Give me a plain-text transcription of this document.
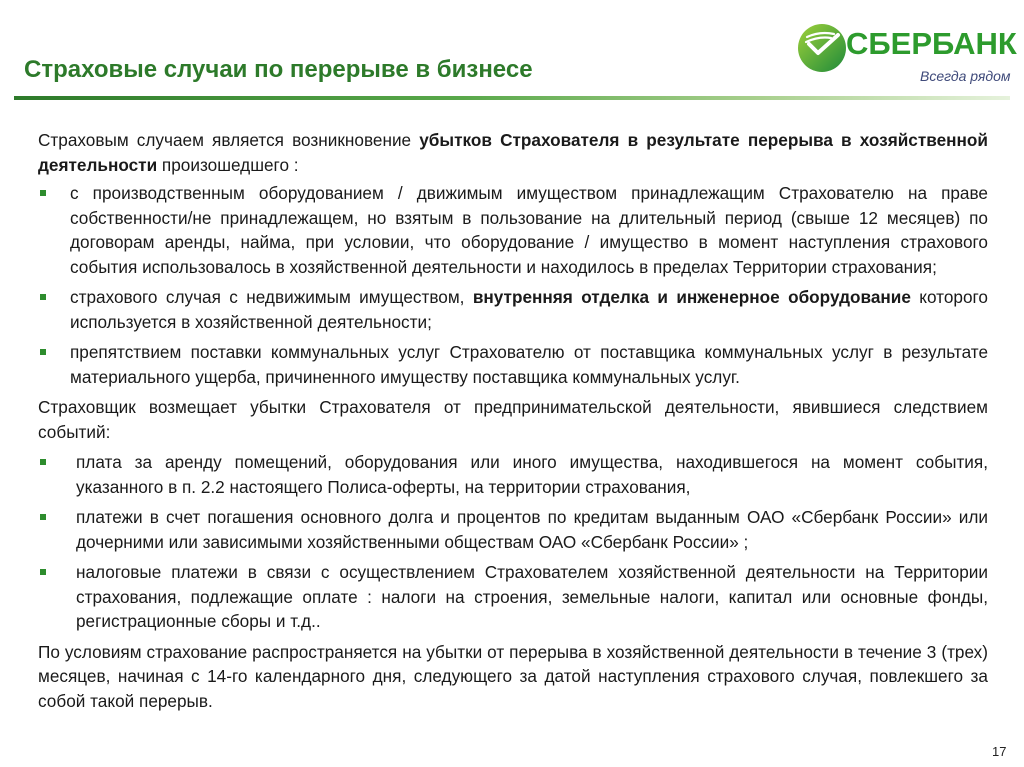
СБЕРБАНК
Всегда рядом
Страховые случаи по перерыве в бизнесе

Страховым случаем является возникновение убытков Страхователя в результате перерыва в хозяйственной деятельности произошедшего :

с производственным оборудованием / движимым имуществом принадлежащим Страхователю на праве собственности/не принадлежащем, но взятым в пользование на длительный период (свыше 12 месяцев) по договорам аренды, найма, при условии, что оборудование / имущество в момент наступления страхового события использовалось в хозяйственной деятельности и находилось в пределах Территории страхования;
страхового случая с недвижимым имуществом, внутренняя отделка и инженерное оборудование которого используется в хозяйственной деятельности;
препятствием поставки коммунальных услуг Страхователю от поставщика коммунальных услуг в результате материального ущерба, причиненного имуществу поставщика коммунальных услуг.

Страховщик возмещает убытки Страхователя от предпринимательской деятельности, явившиеся следствием событий:

плата за аренду помещений, оборудования или иного имущества, находившегося на момент события, указанного в п. 2.2 настоящего Полиса-оферты, на территории страхования,
платежи в счет погашения основного долга и процентов по кредитам выданным ОАО «Сбербанк России» или дочерними или зависимыми хозяйственными обществам ОАО «Сбербанк России» ;
налоговые платежи в связи с осуществлением Страхователем хозяйственной деятельности на Территории страхования, подлежащие оплате : налоги на строения, земельные налоги, капитал или основные фонды, регистрационные сборы и т.д..

По условиям страхование распространяется на убытки от перерыва в хозяйственной деятельности в течение 3 (трех) месяцев, начиная с 14-го календарного дня, следующего за датой наступления страхового случая, повлекшего за собой такой перерыв.

17
